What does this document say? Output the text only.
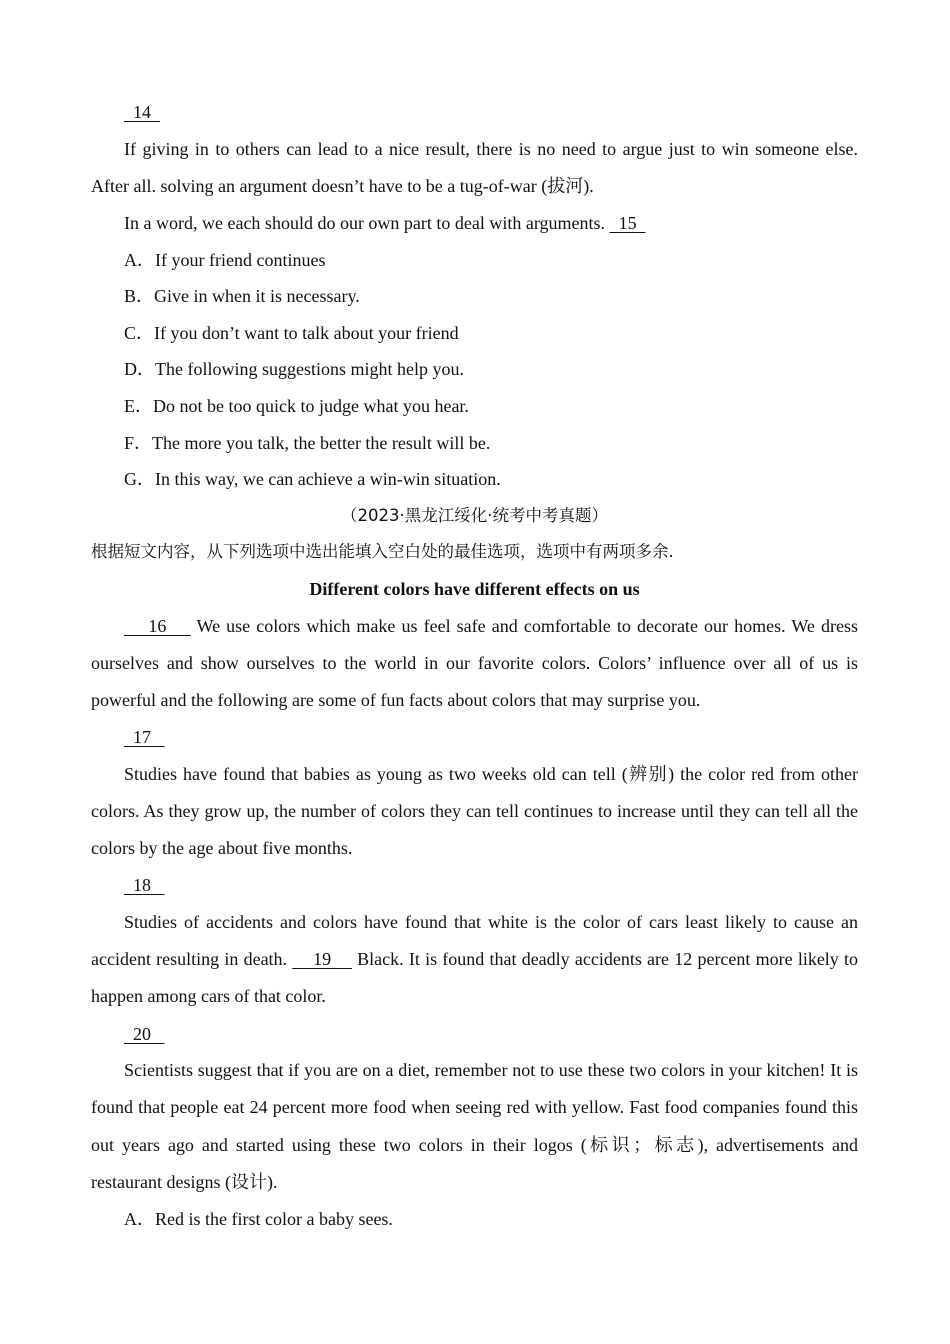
14

If giving in to others can lead to a nice result, there is no need to argue just to win someone else. After all. solving an argument doesn’t have to be a tug-of-war (拔河).

In a word, we each should do our own part to deal with arguments.   15

A．If your friend continues

B．Give in when it is necessary.

C．If you don’t want to talk about your friend

D．The following suggestions might help you.

E．Do not be too quick to judge what you hear.

F．The more you talk, the better the result will be.

G．In this way, we can achieve a win-win situation.

（2023·黑龙江绥化·统考中考真题）

根据短文内容，从下列选项中选出能填入空白处的最佳选项，选项中有两项多余.

Different colors have different effects on us

16     We use colors which make us feel safe and comfortable to decorate our homes. We dress ourselves and show ourselves to the world in our favorite colors. Colors’ influence over all of us is powerful and the following are some of fun facts about colors that may surprise you.

17

Studies have found that babies as young as two weeks old can tell (辨别) the color red from other colors. As they grow up, the number of colors they can tell continues to increase until they can tell all the colors by the age about five months.

18

Studies of accidents and colors have found that white is the color of cars least likely to cause an accident resulting in death.     19     Black. It is found that deadly accidents are 12 percent more likely to happen among cars of that color.

20

Scientists suggest that if you are on a diet, remember not to use these two colors in your kitchen! It is found that people eat 24 percent more food when seeing red with yellow. Fast food companies found this out years ago and started using these two colors in their logos (标识；标志), advertisements and restaurant designs (设计).

A．Red is the first color a baby sees.
